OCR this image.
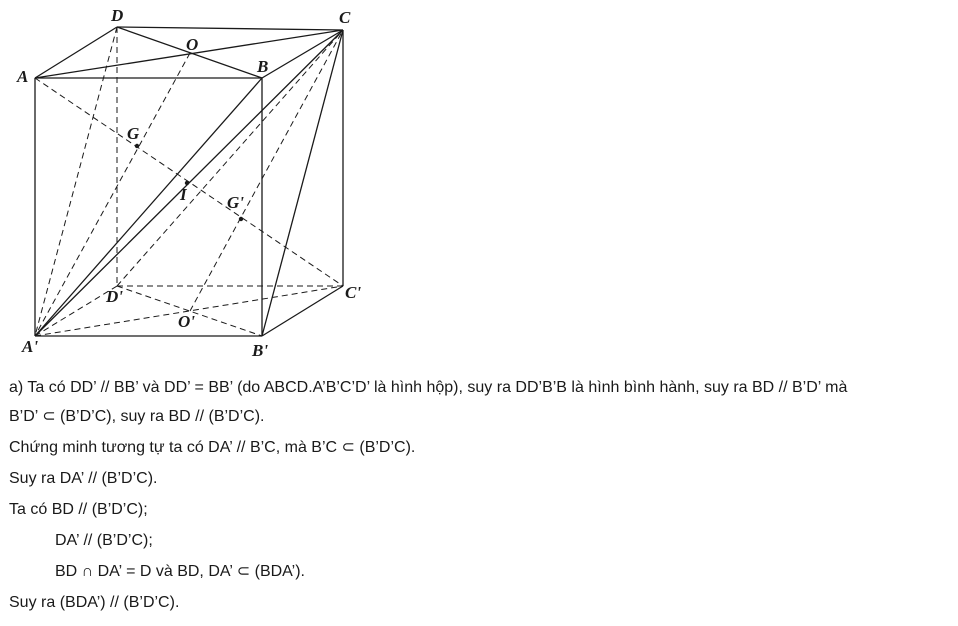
D	C
O
A
B
G
I G'
D'	C'
O'
A'	B'
a) Ta có DD’ // BB’ và DD’ = BB’ (do ABCD.A’B’C’D’ là hình hộp), suy ra DD’B’B là hình bình hành, suy ra BD // B’D’ mà
B’D’ ⊂ (B’D’C), suy ra BD // (B’D’C).
Chứng minh tương tự ta có DA’ // B’C, mà B’C ⊂ (B’D’C).
Suy ra DA’ // (B’D’C).
Ta có BD // (B’D’C);
DA’ // (B’D’C);
BD ∩ DA’ = D và BD, DA’ ⊂ (BDA’).
Suy ra (BDA’) // (B’D’C).
